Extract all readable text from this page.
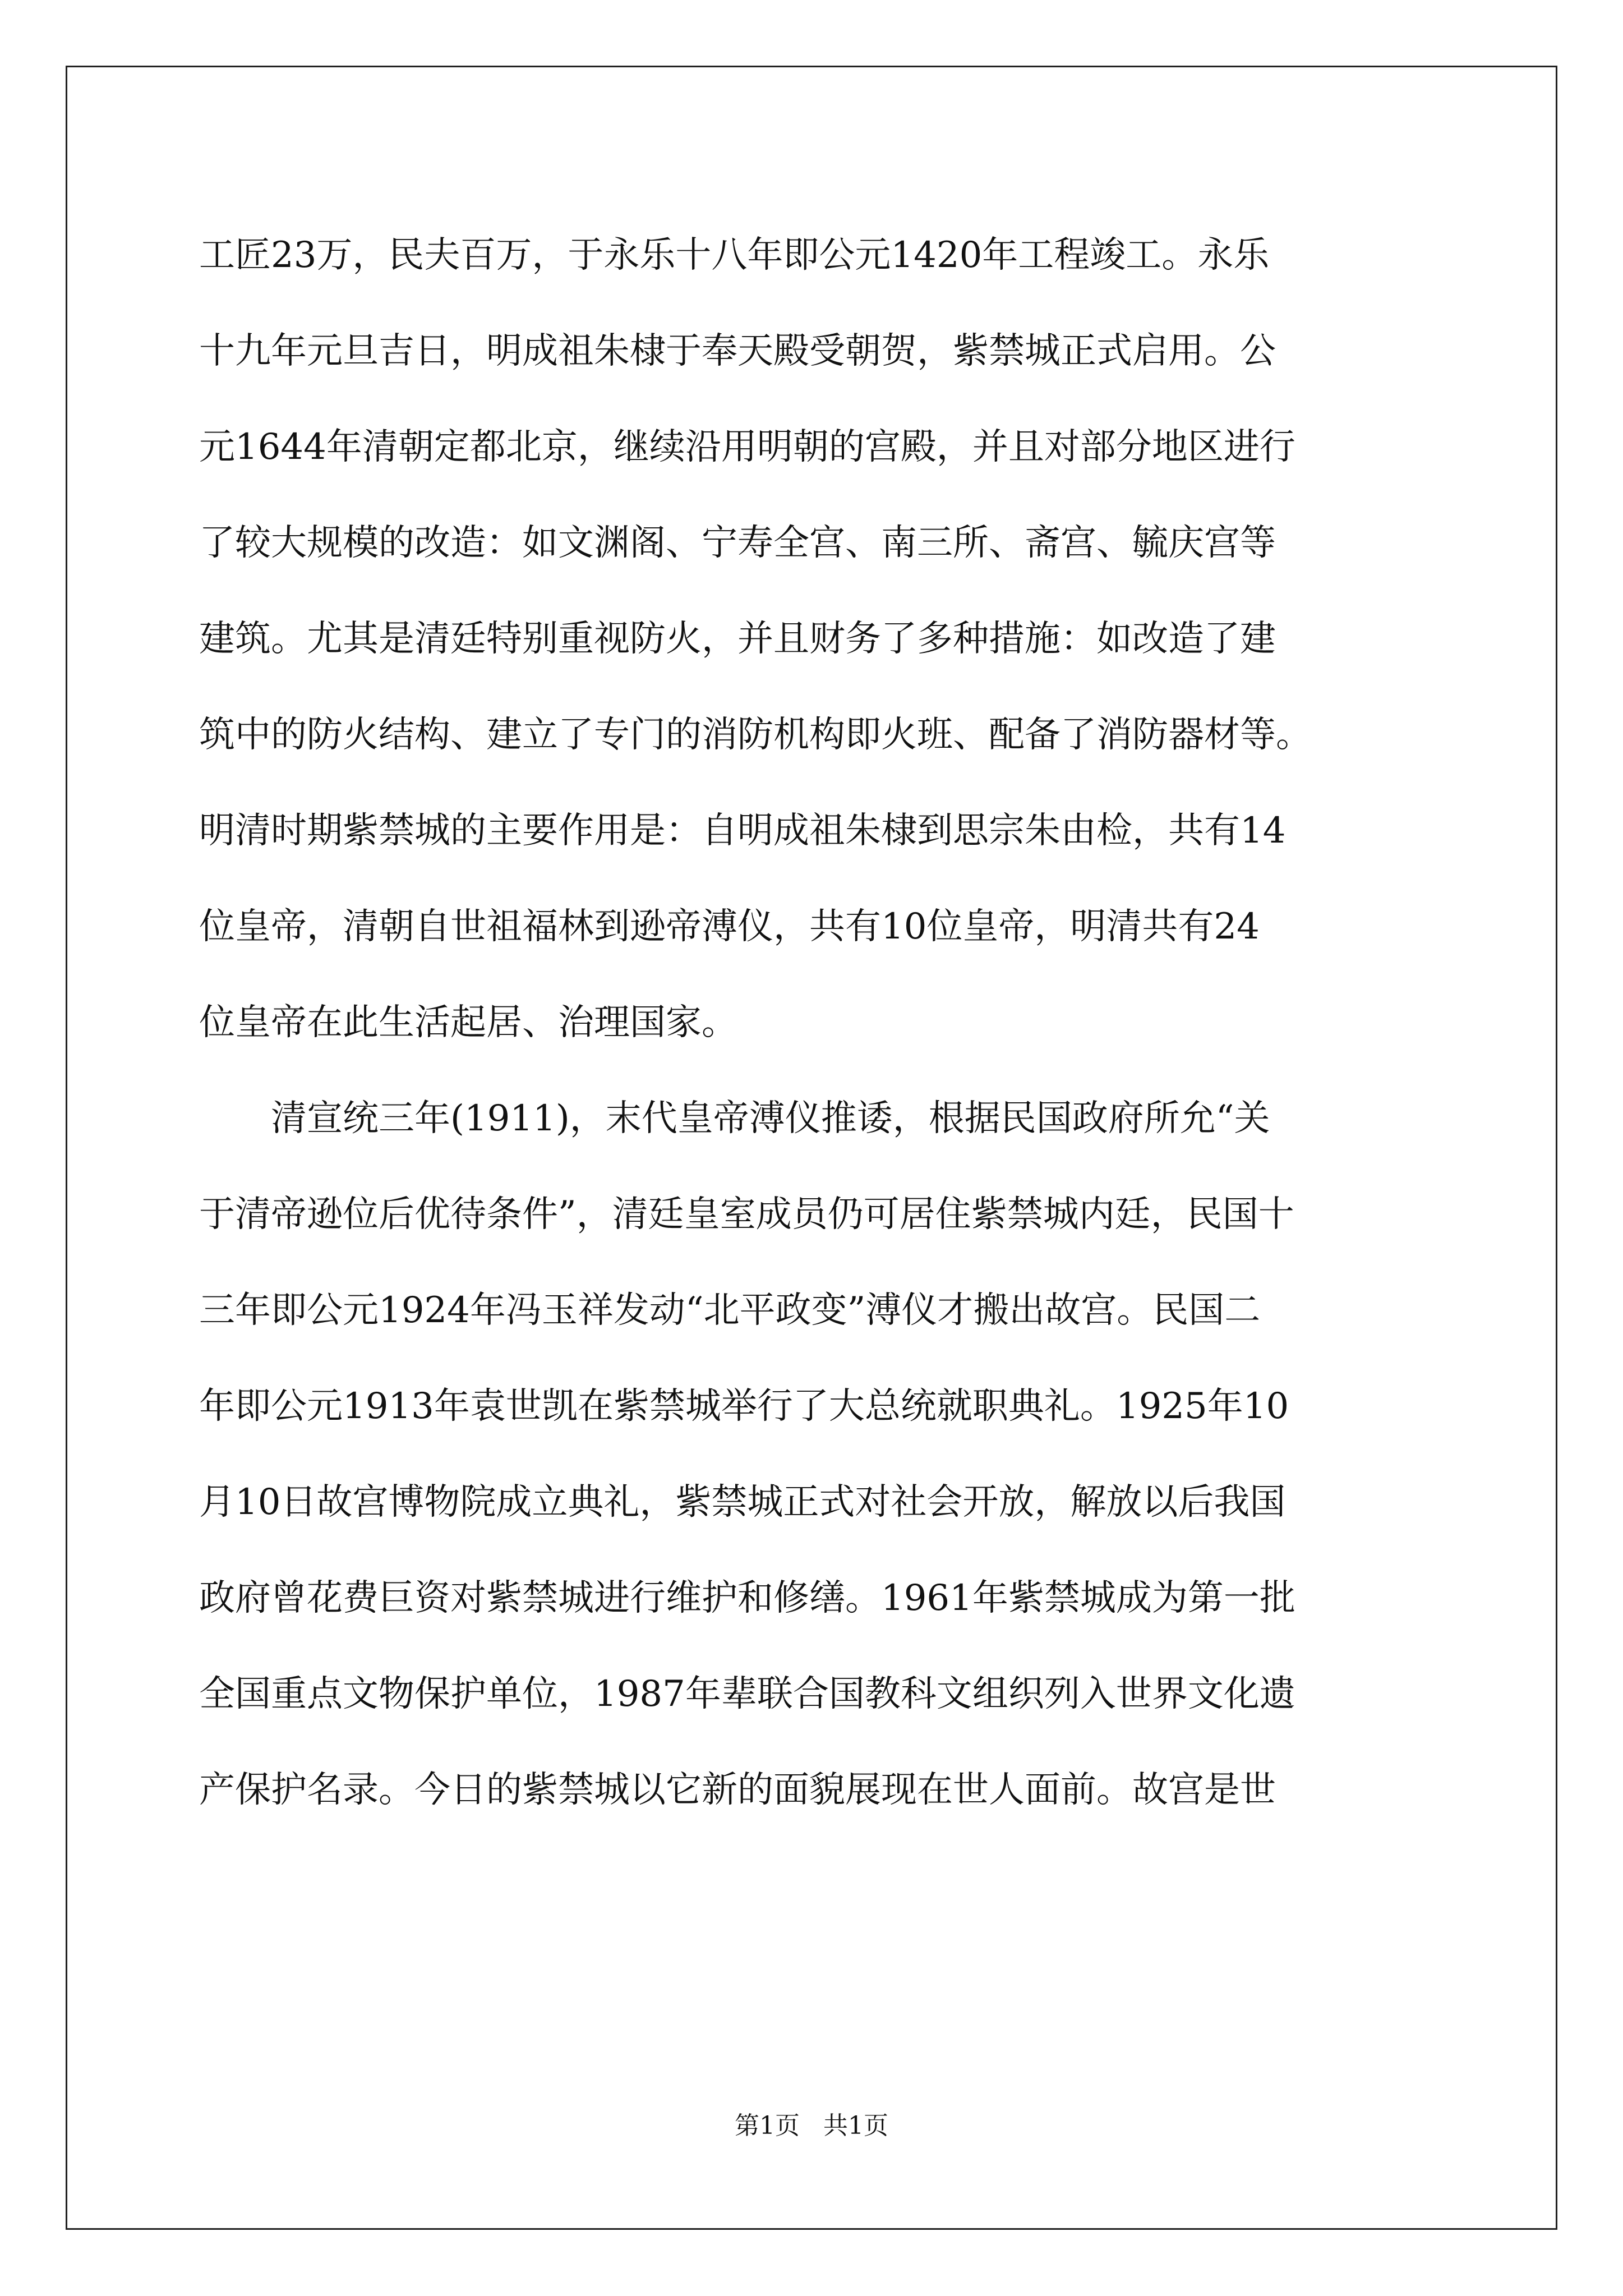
工匠23万，民夫百万，于永乐十八年即公元1420年工程竣工。永乐
十九年元旦吉日，明成祖朱棣于奉天殿受朝贺，紫禁城正式启用。公
元1644年清朝定都北京，继续沿用明朝的宫殿，并且对部分地区进行
了较大规模的改造：如文渊阁、宁寿全宫、南三所、斋宫、毓庆宫等
建筑。尤其是清廷特别重视防火，并且财务了多种措施：如改造了建
筑中的防火结构、建立了专门的消防机构即火班、配备了消防器材等。
明清时期紫禁城的主要作用是：自明成祖朱棣到思宗朱由检，共有14
位皇帝，清朝自世祖福林到逊帝溥仪，共有10位皇帝，明清共有24
位皇帝在此生活起居、治理国家。
清宣统三年(1911)，末代皇帝溥仪推诿，根据民国政府所允“关
于清帝逊位后优待条件”，清廷皇室成员仍可居住紫禁城内廷，民国十
三年即公元1924年冯玉祥发动“北平政变”溥仪才搬出故宫。民国二
年即公元1913年袁世凯在紫禁城举行了大总统就职典礼。1925年10
月10日故宫博物院成立典礼，紫禁城正式对社会开放，解放以后我国
政府曾花费巨资对紫禁城进行维护和修缮。1961年紫禁城成为第一批
全国重点文物保护单位，1987年辈联合国教科文组织列入世界文化遗
产保护名录。今日的紫禁城以它新的面貌展现在世人面前。故宫是世
第1页   共1页
